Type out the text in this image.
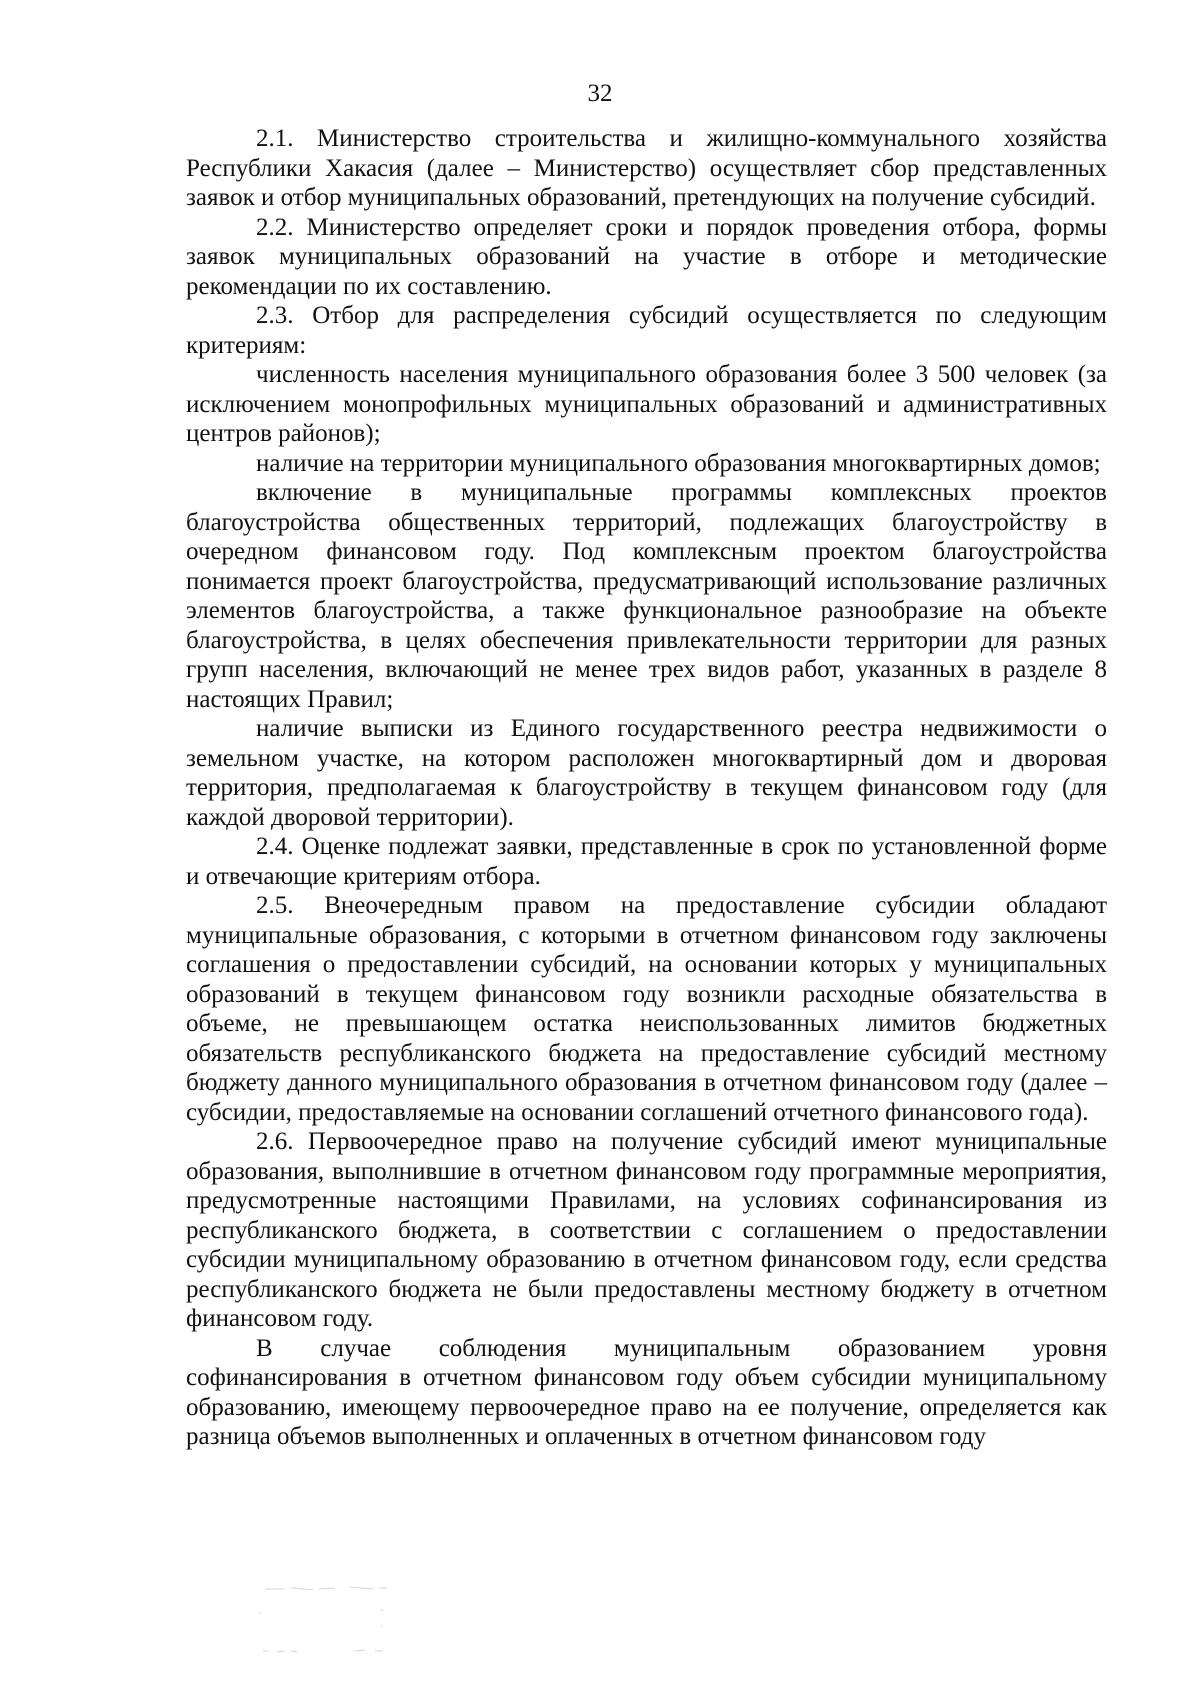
32

2.1. Министерство строительства и жилищно-коммунального хозяйства Республики Хакасия (далее – Министерство) осуществляет сбор представленных заявок и отбор муниципальных образований, претендующих на получение субсидий.

2.2. Министерство определяет сроки и порядок проведения отбора, формы заявок муниципальных образований на участие в отборе и методические рекомендации по их составлению.

2.3. Отбор для распределения субсидий осуществляется по следующим критериям:

численность населения муниципального образования более 3 500 человек (за исключением монопрофильных муниципальных образований и административных центров районов);

наличие на территории муниципального образования многоквартирных домов;

включение в муниципальные программы комплексных проектов благоустройства общественных территорий, подлежащих благоустройству в очередном финансовом году. Под комплексным проектом благоустройства понимается проект благоустройства, предусматривающий использование различных элементов благоустройства, а также функциональное разнообразие на объекте благоустройства, в целях обеспечения привлекательности территории для разных групп населения, включающий не менее трех видов работ, указанных в разделе 8 настоящих Правил;

наличие выписки из Единого государственного реестра недвижимости о земельном участке, на котором расположен многоквартирный дом и дворовая территория, предполагаемая к благоустройству в текущем финансовом году (для каждой дворовой территории).

2.4. Оценке подлежат заявки, представленные в срок по установленной форме и отвечающие критериям отбора.

2.5. Внеочередным правом на предоставление субсидии обладают муниципальные образования, с которыми в отчетном финансовом году заключены соглашения о предоставлении субсидий, на основании которых у муниципальных образований в текущем финансовом году возникли расходные обязательства в объеме, не превышающем остатка неиспользованных лимитов бюджетных обязательств республиканского бюджета на предоставление субсидий местному бюджету данного муниципального образования в отчетном финансовом году (далее – субсидии, предоставляемые на основании соглашений отчетного финансового года).

2.6. Первоочередное право на получение субсидий имеют муниципальные образования, выполнившие в отчетном финансовом году программные мероприятия, предусмотренные настоящими Правилами, на условиях софинансирования из республиканского бюджета, в соответствии с соглашением о предоставлении субсидии муниципальному образованию в отчетном финансовом году, если средства республиканского бюджета не были предоставлены местному бюджету в отчетном финансовом году.

В случае соблюдения муниципальным образованием уровня софинансирования в отчетном финансовом году объем субсидии муниципальному образованию, имеющему первоочередное право на ее получение, определяется как разница объемов выполненных и оплаченных в отчетном финансовом году
